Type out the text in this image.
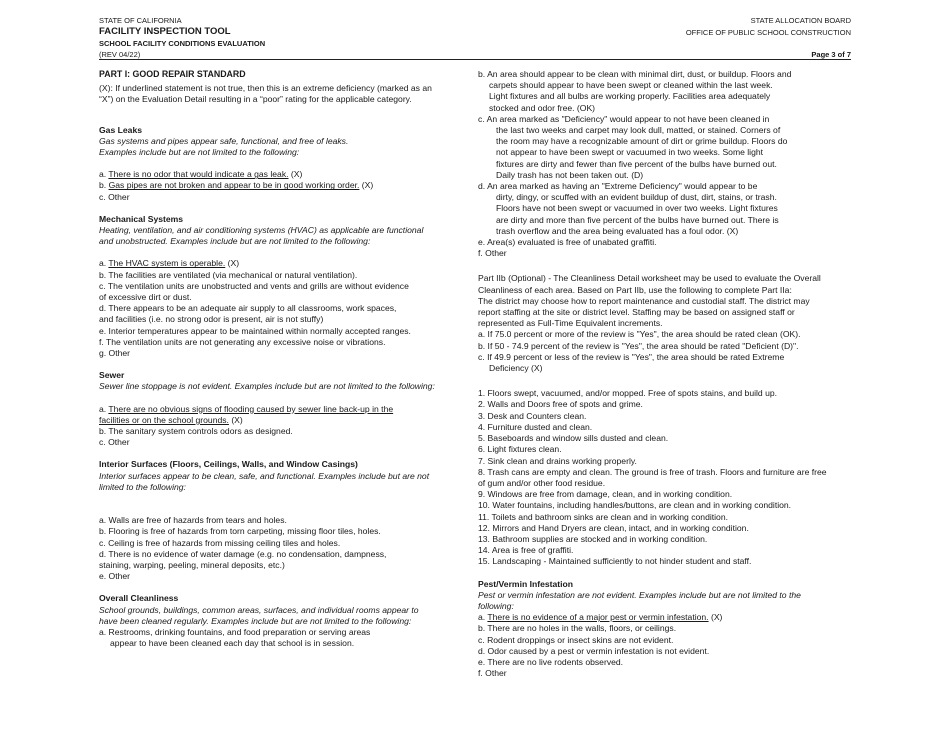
STATE OF CALIFORNIA
FACILITY INSPECTION TOOL
SCHOOL FACILITY CONDITIONS EVALUATION
(REV 04/22)
STATE ALLOCATION BOARD
OFFICE OF PUBLIC SCHOOL CONSTRUCTION
Page 3 of 7

PART I: GOOD REPAIR STANDARD

(X): If underlined statement is not true, then this is an extreme deficiency (marked as an

“X”) on the Evaluation Detail resulting in a “poor” rating for the applicable category.

Gas Leaks

Gas systems and pipes appear safe, functional, and free of leaks.

Examples include but are not limited to the following:

a. There is no odor that would indicate a gas leak. (X)

b. Gas pipes are not broken and appear to be in good working order. (X)

c. Other

Mechanical Systems

Heating, ventilation, and air conditioning systems (HVAC) as applicable are functional

and unobstructed. Examples include but are not limited to the following:

a. The HVAC system is operable. (X)

b. The facilities are ventilated (via mechanical or natural ventilation).

c. The ventilation units are unobstructed and vents and grills are without evidence

of excessive dirt or dust.

d. There appears to be an adequate air supply to all classrooms, work spaces,

and facilities (i.e. no strong odor is present, air is not stuffy)

e. Interior temperatures appear to be maintained within normally accepted ranges.

f. The ventilation units are not generating any excessive noise or vibrations.

g. Other

Sewer

Sewer line stoppage is not evident. Examples include but are not limited to the following:

a. There are no obvious signs of flooding caused by sewer line back-up in the

facilities or on the school grounds. (X)

b. The sanitary system controls odors as designed.

c. Other

Interior Surfaces (Floors, Ceilings, Walls, and Window Casings)

Interior surfaces appear to be clean, safe, and functional. Examples include but are not

limited to the following:

a. Walls are free of hazards from tears and holes.

b. Flooring is free of hazards from torn carpeting, missing floor tiles, holes.

c. Ceiling is free of hazards from missing ceiling tiles and holes.

d. There is no evidence of water damage (e.g. no condensation, dampness,

staining, warping, peeling, mineral deposits, etc.)

e. Other

Overall Cleanliness

School grounds, buildings, common areas, surfaces, and individual rooms appear to

have been cleaned regularly. Examples include but are not limited to the following:

a. Restrooms, drinking fountains, and food preparation or serving areas

appear to have been cleaned each day that school is in session.

b. An area should appear to be clean with minimal dirt, dust, or buildup. Floors and

carpets should appear to have been swept or cleaned within the last week.

Light fixtures and all bulbs are working properly. Facilities area adequately

stocked and odor free. (OK)

c. An area marked as "Deficiency" would appear to not have been cleaned in

the last two weeks and carpet may look dull, matted, or stained. Corners of

the room may have a recognizable amount of dirt or grime buildup. Floors do

not appear to have been swept or vacuumed in two weeks. Some light

fixtures are dirty and fewer than five percent of the bulbs have burned out.

Daily trash has not been taken out. (D)

d. An area marked as having an "Extreme Deficiency" would appear to be

dirty, dingy, or scuffed with an evident buildup of dust, dirt, stains, or trash.

Floors have not been swept or vacuumed in over two weeks. Light fixtures

are dirty and more than five percent of the bulbs have burned out. There is

trash overflow and the area being evaluated has a foul odor. (X)

e. Area(s) evaluated is free of unabated graffiti.

f. Other

Part IIb (Optional) - The Cleanliness Detail worksheet may be used to evaluate the Overall

Cleanliness of each area. Based on Part IIb, use the following to complete Part IIa:

The district may choose how to report maintenance and custodial staff. The district may

report staffing at the site or district level. Staffing may be based on assigned staff or

represented as Full-Time Equivalent increments.

a. If 75.0 percent or more of the review is "Yes", the area should be rated clean (OK).

b. If 50 - 74.9 percent of the review is "Yes", the area should be rated "Deficient (D)".

c. If 49.9 percent or less of the review is "Yes", the area should be rated Extreme

Deficiency (X)

1. Floors swept, vacuumed, and/or mopped. Free of spots stains, and build up.

2. Walls and Doors free of spots and grime.

3. Desk and Counters clean.

4. Furniture dusted and clean.

5. Baseboards and window sills dusted and clean.

6. Light fixtures clean.

7. Sink clean and drains working properly.

8. Trash cans are empty and clean. The ground is free of trash. Floors and furniture are free

of gum and/or other food residue.

9. Windows are free from damage, clean, and in working condition.

10. Water fountains, including handles/buttons, are clean and in working condition.

11. Toilets and bathroom sinks are clean and in working condition.

12. Mirrors and Hand Dryers are clean, intact, and in working condition.

13. Bathroom supplies are stocked and in working condition.

14. Area is free of graffiti.

15. Landscaping - Maintained sufficiently to not hinder student and staff.

Pest/Vermin Infestation

Pest or vermin infestation are not evident. Examples include but are not limited to the

following:

a. There is no evidence of a major pest or vermin infestation. (X)

b. There are no holes in the walls, floors, or ceilings.

c. Rodent droppings or insect skins are not evident.

d. Odor caused by a pest or vermin infestation is not evident.

e. There are no live rodents observed.

f. Other
